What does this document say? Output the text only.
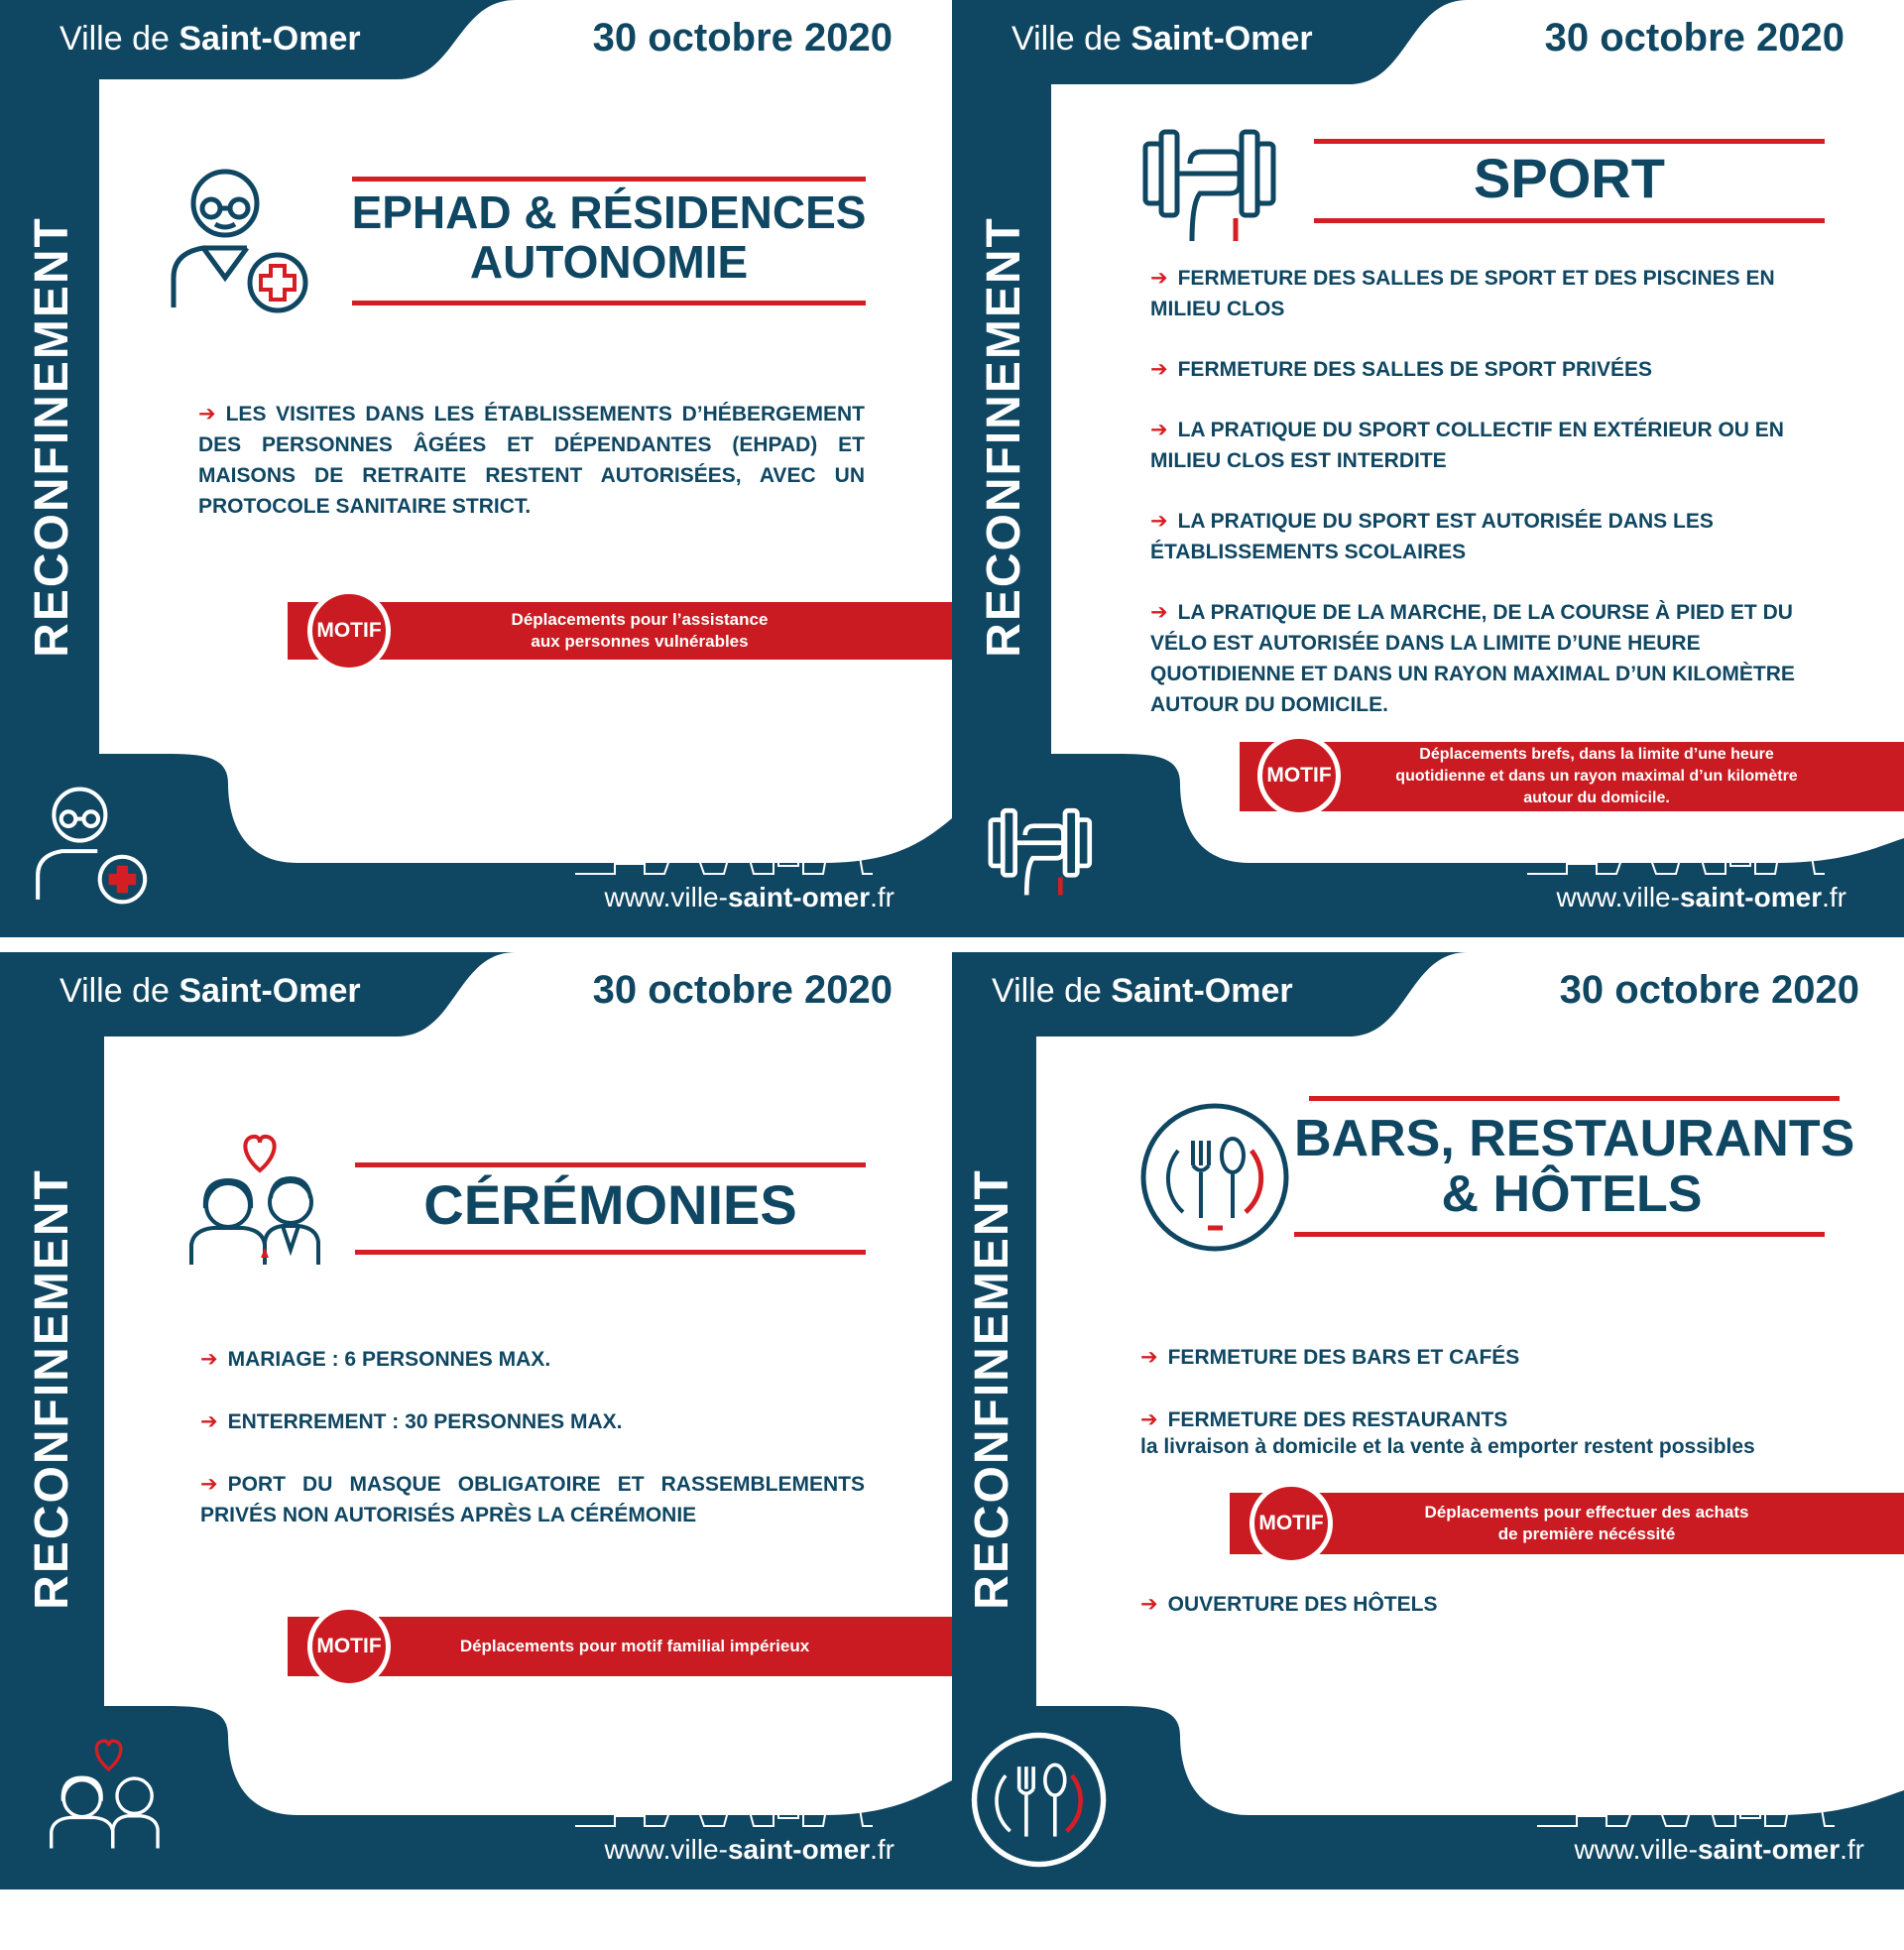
Ville de Saint-Omer	30 octobre 2020
RECONFINEMENT
EPHAD & RÉSIDENCES
AUTONOMIE
➔ LES VISITES DANS LES ÉTABLISSEMENTS D’HÉBERGEMENT DES PERSONNES ÂGÉES ET DÉPENDANTES (EHPAD) ET MAISONS DE RETRAITE RESTENT AUTORISÉES, AVEC UN PROTOCOLE SANITAIRE STRICT.
Déplacements pour l’assistance
aux personnes vulnérables
MOTIF
www.ville-saint-omer.fr
Ville de Saint-Omer	30 octobre 2020
RECONFINEMENT
SPORT
➔ FERMETURE DES SALLES DE SPORT ET DES PISCINES EN MILIEU CLOS
➔ FERMETURE DES SALLES DE SPORT PRIVÉES
➔ LA PRATIQUE DU SPORT COLLECTIF EN EXTÉRIEUR OU EN MILIEU CLOS EST INTERDITE
➔ LA PRATIQUE DU SPORT EST AUTORISÉE DANS LES ÉTABLISSEMENTS SCOLAIRES
➔ LA PRATIQUE DE LA MARCHE, DE LA COURSE À PIED ET DU VÉLO EST AUTORISÉE DANS LA LIMITE D’UNE HEURE QUOTIDIENNE ET DANS UN RAYON MAXIMAL D’UN KILOMÈTRE AUTOUR DU DOMICILE.
Déplacements brefs, dans la limite d’une heure
quotidienne et dans un rayon maximal d’un kilomètre
autour du domicile.
MOTIF
www.ville-saint-omer.fr
Ville de Saint-Omer	30 octobre 2020
RECONFINEMENT	CÉRÉMONIES
➔ MARIAGE : 6 PERSONNES MAX.
➔ ENTERREMENT : 30 PERSONNES MAX.
➔ PORT DU MASQUE OBLIGATOIRE ET RASSEMBLEMENTS PRIVÉS NON AUTORISÉS APRÈS LA CÉRÉMONIE
Déplacements pour motif familial impérieux
MOTIF
www.ville-saint-omer.fr
Ville de Saint-Omer	30 octobre 2020
RECONFINEMENT
BARS, RESTAURANTS
& HÔTELS
➔ FERMETURE DES BARS ET CAFÉS
➔ FERMETURE DES RESTAURANTS
la livraison à domicile et la vente à emporter restent possibles
Déplacements pour effectuer des achats
de première nécéssité
MOTIF
➔ OUVERTURE DES HÔTELS
www.ville-saint-omer.fr
